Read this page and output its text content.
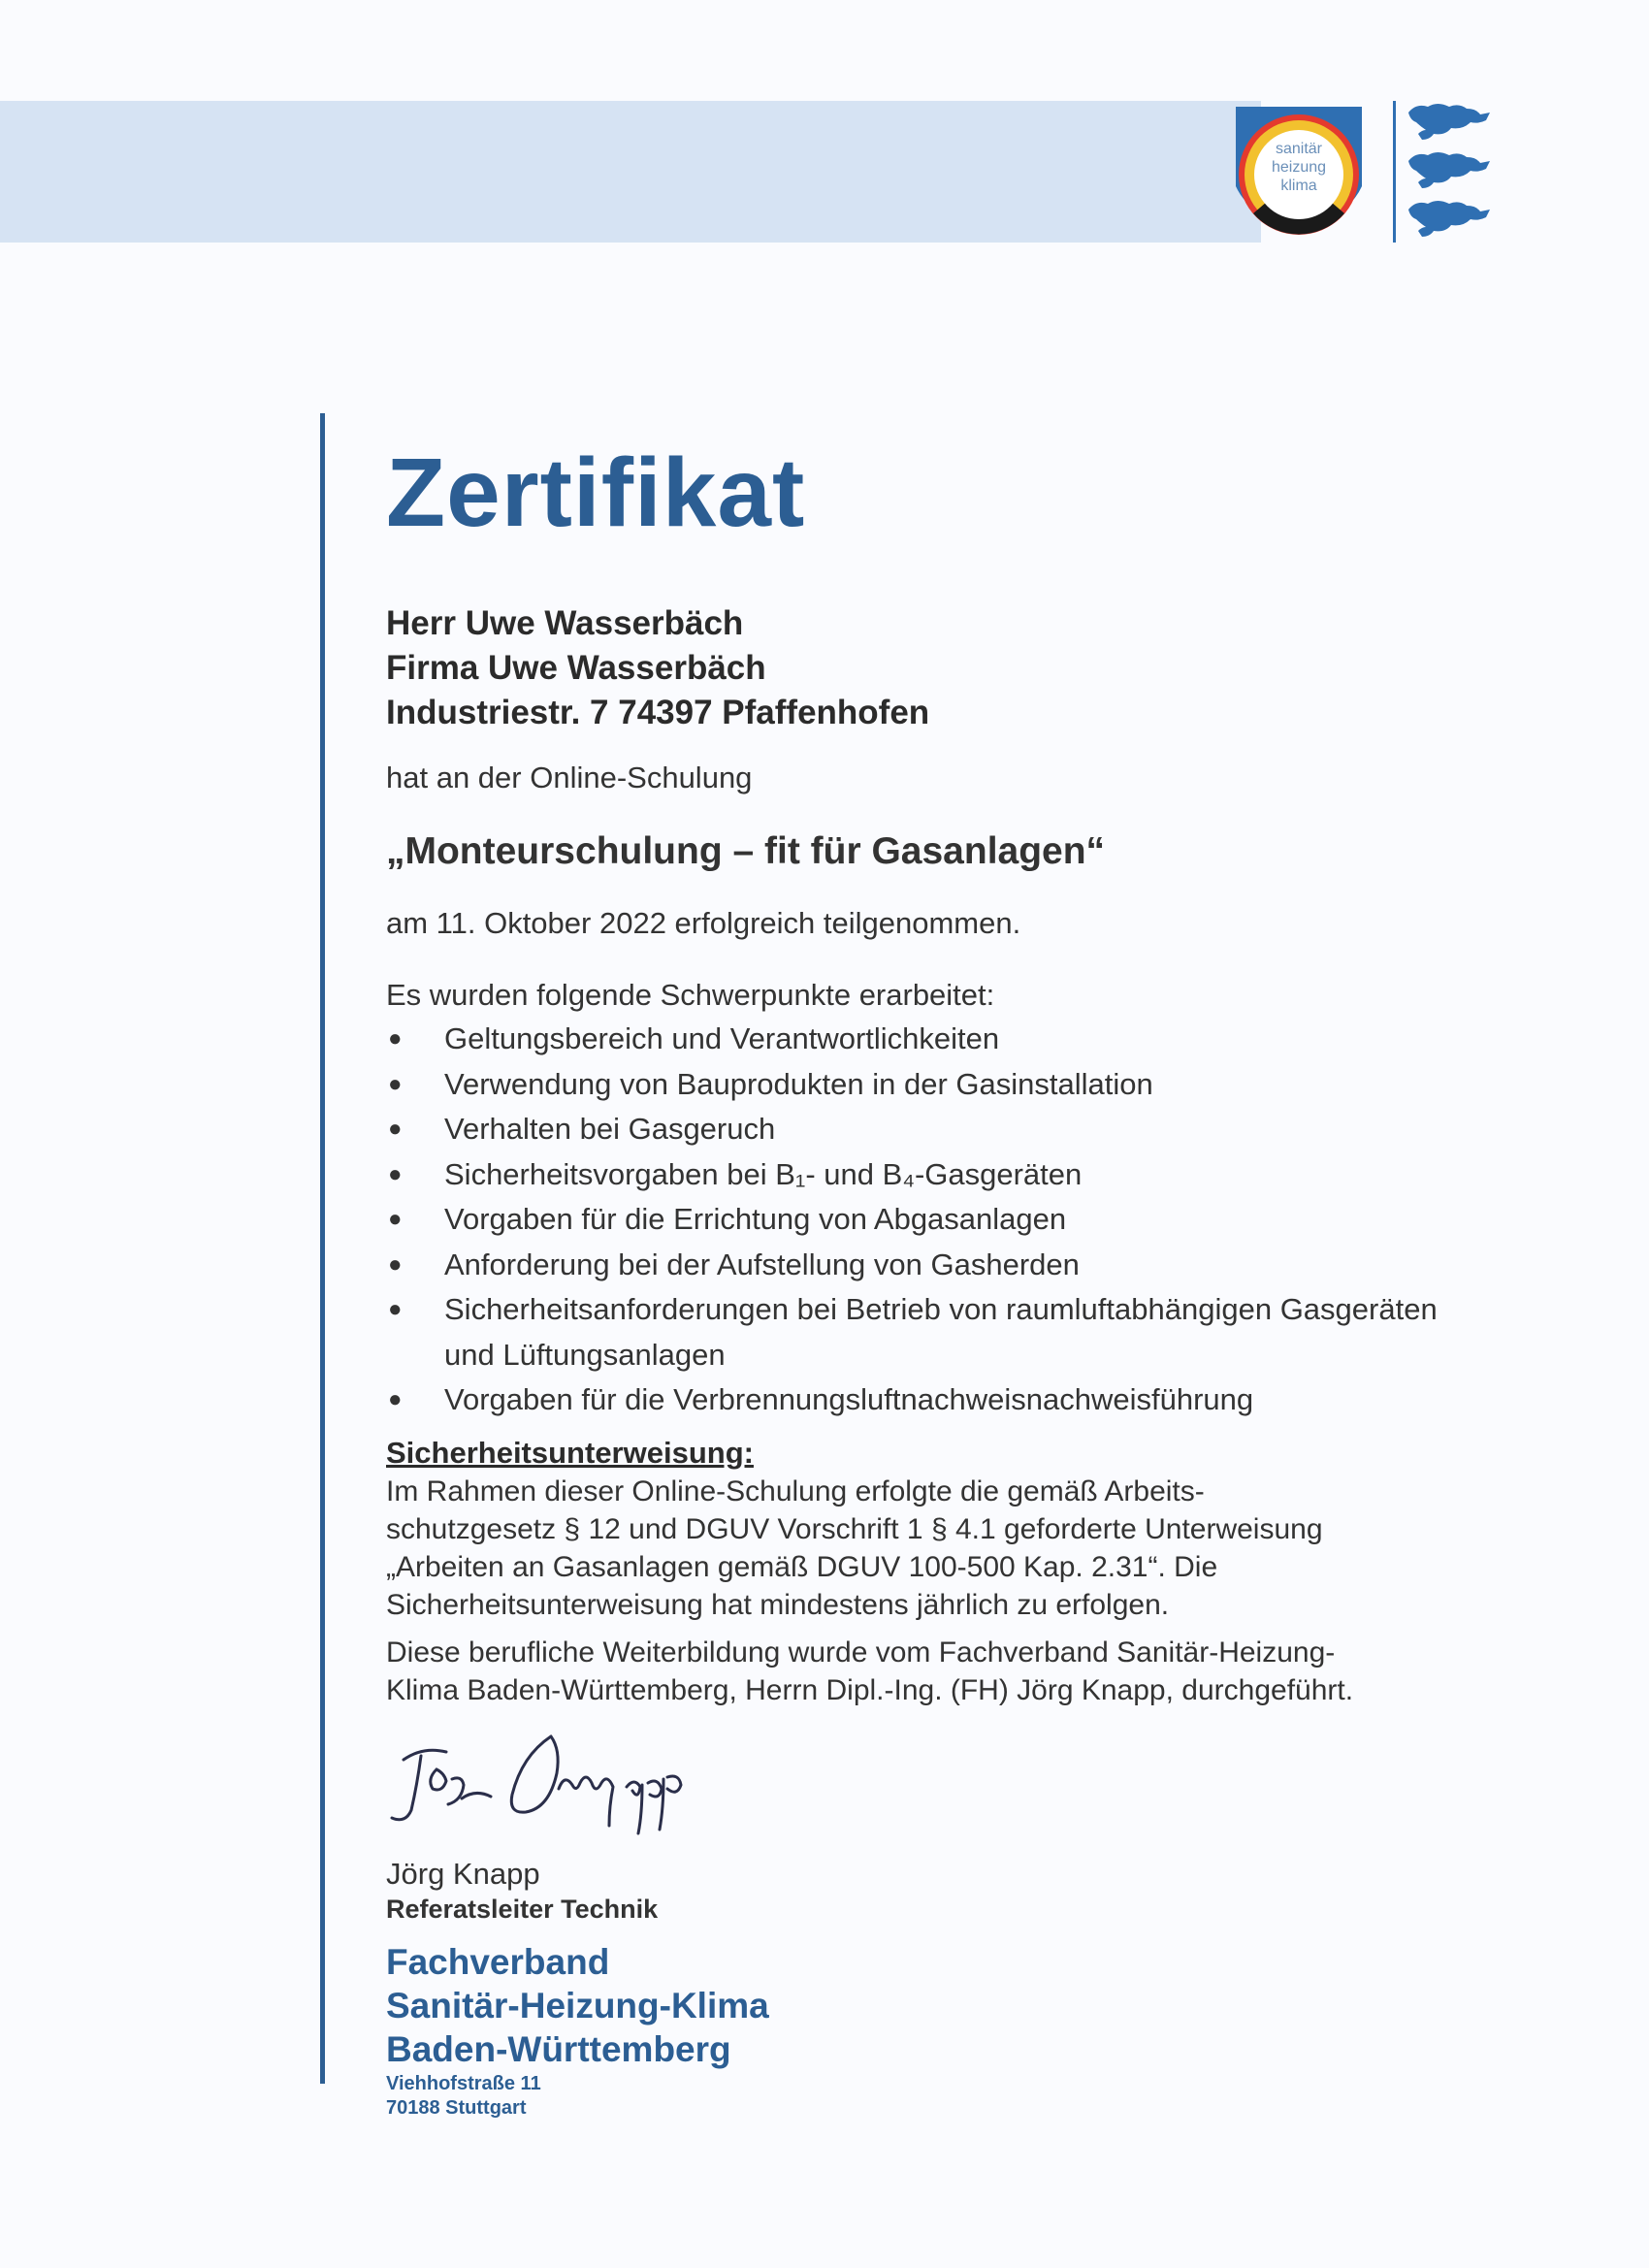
sanitär
heizung
klima
Zertifikat
Herr Uwe Wasserbäch
Firma Uwe Wasserbäch
Industriestr. 7 74397 Pfaffenhofen
hat an der Online-Schulung
„Monteurschulung – fit für Gasanlagen“
am 11. Oktober 2022 erfolgreich teilgenommen.
Es wurden folgende Schwerpunkte erarbeitet:
● Geltungsbereich und Verantwortlichkeiten
● Verwendung von Bauprodukten in der Gasinstallation
● Verhalten bei Gasgeruch
● Sicherheitsvorgaben bei B₁- und B₄-Gasgeräten
● Vorgaben für die Errichtung von Abgasanlagen
● Anforderung bei der Aufstellung von Gasherden
● Sicherheitsanforderungen bei Betrieb von raumluftabhängigen Gasgeräten und Lüftungsanlagen
● Vorgaben für die Verbrennungsluftnachweisnachweisführung
Sicherheitsunterweisung:
Im Rahmen dieser Online-Schulung erfolgte die gemäß Arbeits-
schutzgesetz § 12 und DGUV Vorschrift 1 § 4.1 geforderte Unterweisung
„Arbeiten an Gasanlagen gemäß DGUV 100-500 Kap. 2.31“. Die
Sicherheitsunterweisung hat mindestens jährlich zu erfolgen.
Diese berufliche Weiterbildung wurde vom Fachverband Sanitär-Heizung-
Klima Baden-Württemberg, Herrn Dipl.-Ing. (FH) Jörg Knapp, durchgeführt.
Jörg Knapp
Referatsleiter Technik
Fachverband
Sanitär-Heizung-Klima
Baden-Württemberg
Viehhofstraße 11
70188 Stuttgart
